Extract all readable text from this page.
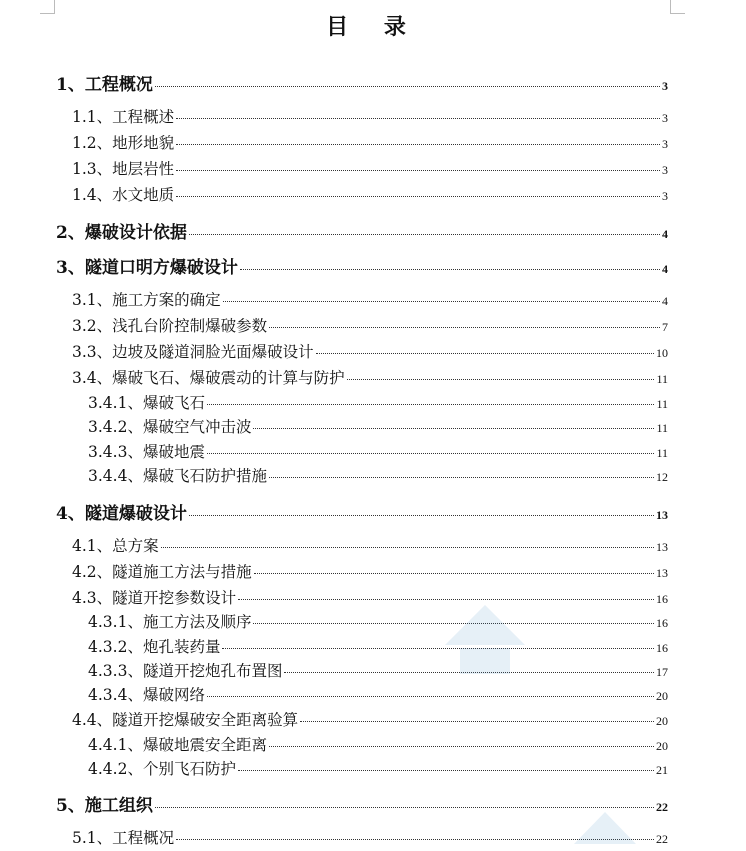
目 录
1、工程概况	3
1.1、工程概述	3
1.2、地形地貌	3
1.3、地层岩性	3
1.4、水文地质	3
2、爆破设计依据	4
3、隧道口明方爆破设计	4
3.1、施工方案的确定	4
3.2、浅孔台阶控制爆破参数	7
3.3、边坡及隧道洞脸光面爆破设计	10
3.4、爆破飞石、爆破震动的计算与防护	11
3.4.1、爆破飞石	11
3.4.2、爆破空气冲击波	11
3.4.3、爆破地震	11
3.4.4、爆破飞石防护措施	12
4、隧道爆破设计	13
4.1、总方案	13
4.2、隧道施工方法与措施	13
4.3、隧道开挖参数设计	16
4.3.1、施工方法及顺序	16
4.3.2、炮孔装药量	16
4.3.3、隧道开挖炮孔布置图	17
4.3.4、爆破网络	20
4.4、隧道开挖爆破安全距离验算	20
4.4.1、爆破地震安全距离	20
4.4.2、个别飞石防护	21
5、施工组织	22
5.1、工程概况	22
